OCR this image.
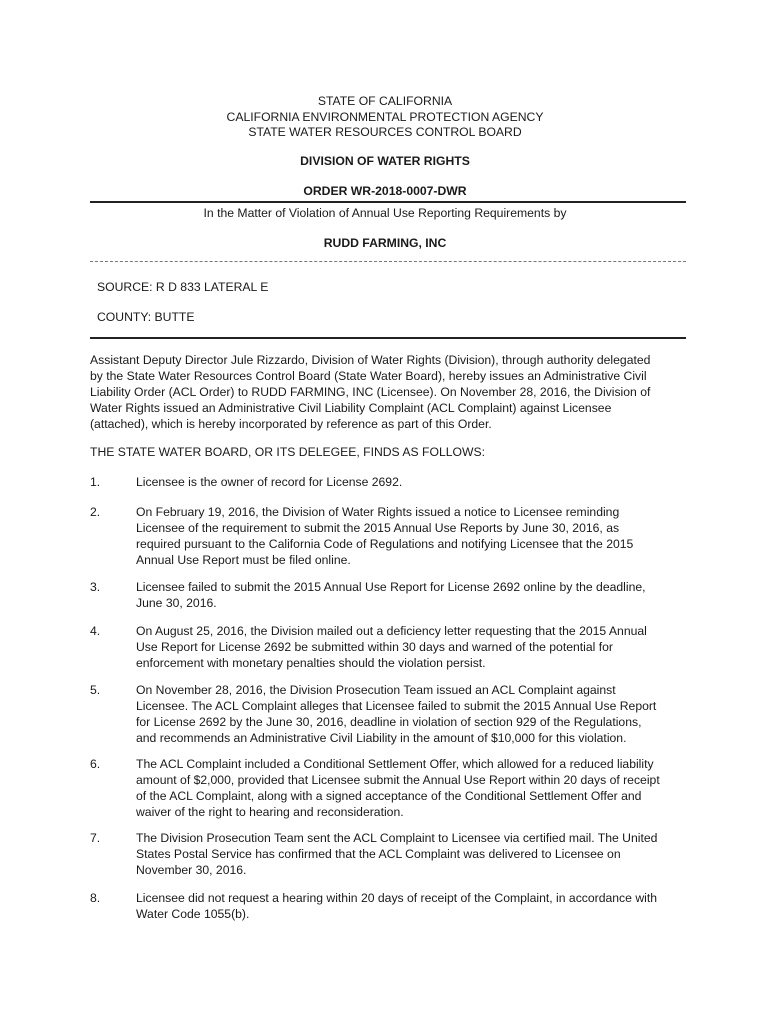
STATE OF CALIFORNIA
CALIFORNIA ENVIRONMENTAL PROTECTION AGENCY
STATE WATER RESOURCES CONTROL BOARD
DIVISION OF WATER RIGHTS
ORDER WR-2018-0007-DWR
In the Matter of Violation of Annual Use Reporting Requirements by
RUDD FARMING, INC
SOURCE: R D 833 LATERAL E
COUNTY: BUTTE
Assistant Deputy Director Jule Rizzardo, Division of Water Rights (Division), through authority delegated
by the State Water Resources Control Board (State Water Board), hereby issues an Administrative Civil
Liability Order (ACL Order) to RUDD FARMING, INC (Licensee). On November 28, 2016, the Division of
Water Rights issued an Administrative Civil Liability Complaint (ACL Complaint) against Licensee
(attached), which is hereby incorporated by reference as part of this Order.
THE STATE WATER BOARD, OR ITS DELEGEE, FINDS AS FOLLOWS:
1.	Licensee is the owner of record for License 2692.
2.	On February 19, 2016, the Division of Water Rights issued a notice to Licensee reminding
Licensee of the requirement to submit the 2015 Annual Use Reports by June 30, 2016, as
required pursuant to the California Code of Regulations and notifying Licensee that the 2015
Annual Use Report must be filed online.
3.	Licensee failed to submit the 2015 Annual Use Report for License 2692 online by the deadline,
June 30, 2016.
4.	On August 25, 2016, the Division mailed out a deficiency letter requesting that the 2015 Annual
Use Report for License 2692 be submitted within 30 days and warned of the potential for
enforcement with monetary penalties should the violation persist.
5.	On November 28, 2016, the Division Prosecution Team issued an ACL Complaint against
Licensee. The ACL Complaint alleges that Licensee failed to submit the 2015 Annual Use Report
for License 2692 by the June 30, 2016, deadline in violation of section 929 of the Regulations,
and recommends an Administrative Civil Liability in the amount of $10,000 for this violation.
6.	The ACL Complaint included a Conditional Settlement Offer, which allowed for a reduced liability
amount of $2,000, provided that Licensee submit the Annual Use Report within 20 days of receipt
of the ACL Complaint, along with a signed acceptance of the Conditional Settlement Offer and
waiver of the right to hearing and reconsideration.
7.	The Division Prosecution Team sent the ACL Complaint to Licensee via certified mail. The United
States Postal Service has confirmed that the ACL Complaint was delivered to Licensee on
November 30, 2016.
8.	Licensee did not request a hearing within 20 days of receipt of the Complaint, in accordance with
Water Code 1055(b).
